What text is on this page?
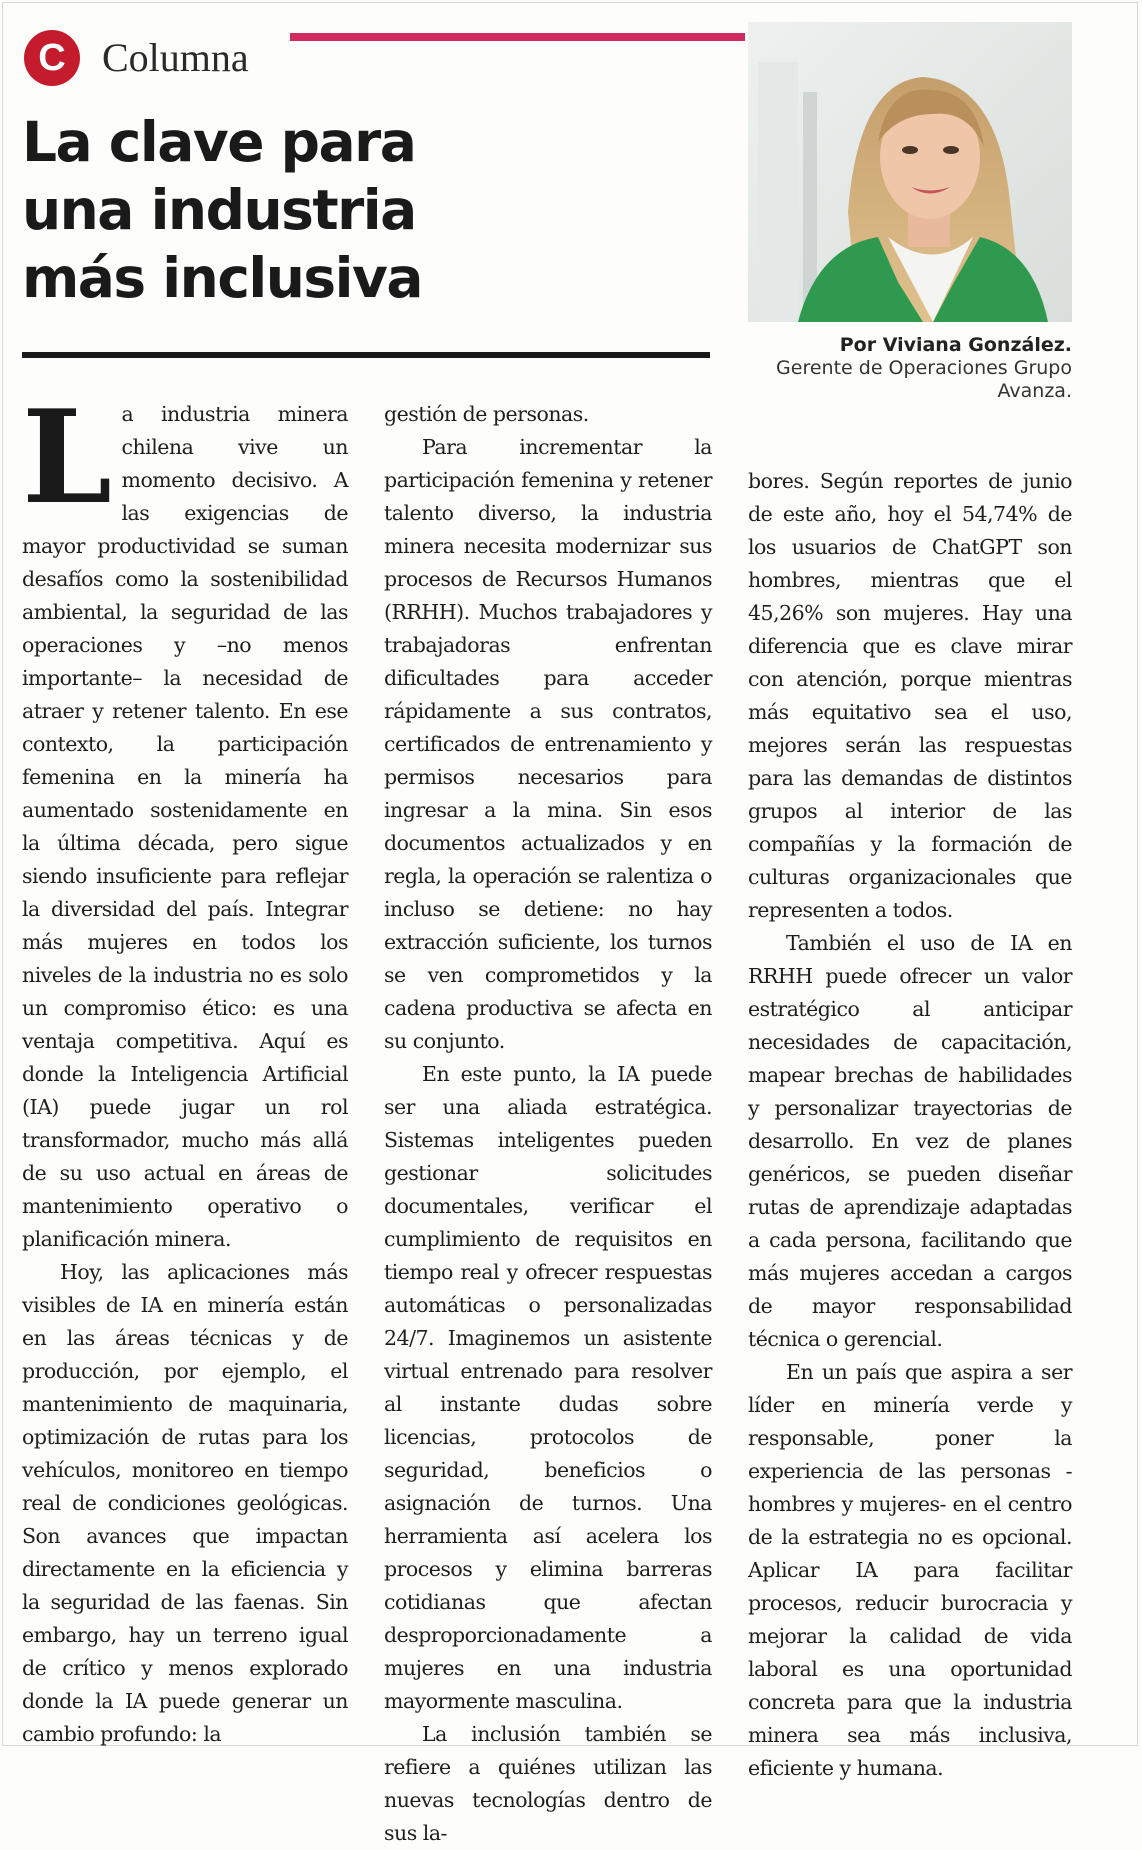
C Columna
La clave para
una industria
más inclusiva
Por Viviana González.
Gerente de Operaciones Grupo Avanza.

La industria minera chilena vive un momento decisivo. A las exigencias de mayor productividad se suman desafíos como la sostenibilidad ambiental, la seguridad de las operaciones y –no menos importante– la necesidad de atraer y retener talento. En ese contexto, la participación femenina en la minería ha aumentado sostenidamente en la última década, pero sigue siendo insuficiente para reflejar la diversidad del país. Integrar más mujeres en todos los niveles de la industria no es solo un compromiso ético: es una ventaja competitiva. Aquí es donde la Inteligencia Artificial (IA) puede jugar un rol transformador, mucho más allá de su uso actual en áreas de mantenimiento operativo o planificación minera.

Hoy, las aplicaciones más visibles de IA en minería están en las áreas técnicas y de producción, por ejemplo, el mantenimiento de maquinaria, optimización de rutas para los vehículos, monitoreo en tiempo real de condiciones geológicas. Son avances que impactan directamente en la eficiencia y la seguridad de las faenas. Sin embargo, hay un terreno igual de crítico y menos explorado donde la IA puede generar un cambio profundo: la

gestión de personas.

Para incrementar la participación femenina y retener talento diverso, la industria minera necesita modernizar sus procesos de Recursos Humanos (RRHH). Muchos trabajadores y trabajadoras enfrentan dificultades para acceder rápidamente a sus contratos, certificados de entrenamiento y permisos necesarios para ingresar a la mina. Sin esos documentos actualizados y en regla, la operación se ralentiza o incluso se detiene: no hay extracción suficiente, los turnos se ven comprometidos y la cadena productiva se afecta en su conjunto.

En este punto, la IA puede ser una aliada estratégica. Sistemas inteligentes pueden gestionar solicitudes documentales, verificar el cumplimiento de requisitos en tiempo real y ofrecer respuestas automáticas o personalizadas 24/7. Imaginemos un asistente virtual entrenado para resolver al instante dudas sobre licencias, protocolos de seguridad, beneficios o asignación de turnos. Una herramienta así acelera los procesos y elimina barreras cotidianas que afectan desproporcionadamente a mujeres en una industria mayormente masculina.

La inclusión también se refiere a quiénes utilizan las nuevas tecnologías dentro de sus la-

bores. Según reportes de junio de este año, hoy el 54,74% de los usuarios de ChatGPT son hombres, mientras que el 45,26% son mujeres. Hay una diferencia que es clave mirar con atención, porque mientras más equitativo sea el uso, mejores serán las respuestas para las demandas de distintos grupos al interior de las compañías y la formación de culturas organizacionales que representen a todos.

También el uso de IA en RRHH puede ofrecer un valor estratégico al anticipar necesidades de capacitación, mapear brechas de habilidades y personalizar trayectorias de desarrollo. En vez de planes genéricos, se pueden diseñar rutas de aprendizaje adaptadas a cada persona, facilitando que más mujeres accedan a cargos de mayor responsabilidad técnica o gerencial.

En un país que aspira a ser líder en minería verde y responsable, poner la experiencia de las personas -hombres y mujeres- en el centro de la estrategia no es opcional. Aplicar IA para facilitar procesos, reducir burocracia y mejorar la calidad de vida laboral es una oportunidad concreta para que la industria minera sea más inclusiva, eficiente y humana.
